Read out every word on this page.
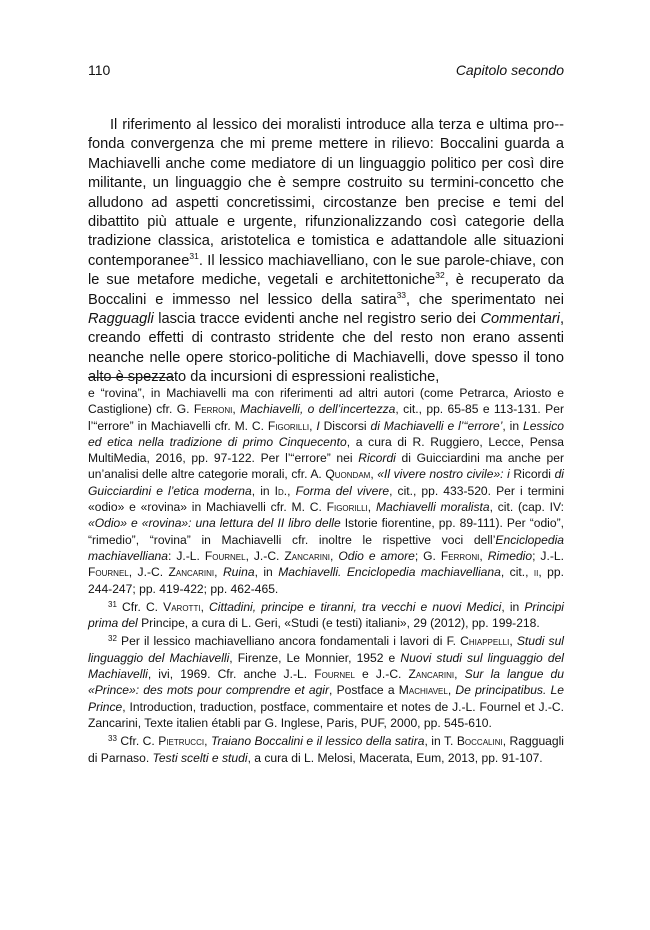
110	Capitolo secondo

Il riferimento al lessico dei moralisti introduce alla terza e ultima pro-fonda convergenza che mi preme mettere in rilievo: Boccalini guarda a Machiavelli anche come mediatore di un linguaggio politico per così dire militante, un linguaggio che è sempre costruito su termini-concetto che alludono ad aspetti concretissimi, circostanze ben precise e temi del dibattito più attuale e urgente, rifunzionalizzando così categorie della tradizione classica, aristotelica e tomistica e adattandole alle situazioni contemporanee$^{31}$. Il lessico machiavelliano, con le sue parole-chiave, con le sue metafore mediche, vegetali e architettoniche$^{32}$, è recuperato da Boccalini e immesso nel lessico della satira$^{33}$, che sperimentato nei Ragguagli lascia tracce evidenti anche nel registro serio dei Commentari, creando effetti di contrasto stridente che del resto non erano assenti neanche nelle opere storico-politiche di Machiavelli, dove spesso il tono alto è spezzato da incursioni di espressioni realistiche,

e “rovina”, in Machiavelli ma con riferimenti ad altri autori (come Petrarca, Ariosto e Castiglione) cfr. G. Ferroni, Machiavelli, o dell’incertezza, cit., pp. 65-85 e 113-131. Per l’“errore” in Machiavelli cfr. M. C. Figorilli, I Discorsi di Machiavelli e l’“errore’, in Lessico ed etica nella tradizione di primo Cinquecento, a cura di R. Ruggiero, Lecce, Pensa MultiMedia, 2016, pp. 97-122. Per l’“errore” nei Ricordi di Guicciardini ma anche per un’analisi delle altre categorie morali, cfr. A. Quondam, «Il vivere nostro civile»: i Ricordi di Guicciardini e l’etica moderna, in Id., Forma del vivere, cit., pp. 433-520. Per i termini «odio» e «rovina» in Machiavelli cfr. M. C. Figorilli, Machiavelli moralista, cit. (cap. IV: «Odio» e «rovina»: una lettura del II libro delle Istorie fiorentine, pp. 89-111). Per “odio”, “rimedio”, “rovina” in Machiavelli cfr. inoltre le rispettive voci dell’Enciclopedia machiavelliana: J.-L. Fournel, J.-C. Zancarini, Odio e amore; G. Ferroni, Rimedio; J.-L. Fournel, J.-C. Zancarini, Ruina, in Machiavelli. Enciclopedia machiavelliana, cit., ii, pp. 244-247; pp. 419-422; pp. 462-465.

$^{31}$ Cfr. C. Varotti, Cittadini, principe e tiranni, tra vecchi e nuovi Medici, in Principi prima del Principe, a cura di L. Geri, «Studi (e testi) italiani», 29 (2012), pp. 199-218.

$^{32}$ Per il lessico machiavelliano ancora fondamentali i lavori di F. Chiappelli, Studi sul linguaggio del Machiavelli, Firenze, Le Monnier, 1952 e Nuovi studi sul linguaggio del Machiavelli, ivi, 1969. Cfr. anche J.-L. Fournel e J.-C. Zancarini, Sur la langue du «Prince»: des mots pour comprendre et agir, Postface a Machiavel, De principatibus. Le Prince, Introduction, traduction, postface, commentaire et notes de J.-L. Fournel et J.-C. Zancarini, Texte italien établi par G. Inglese, Paris, PUF, 2000, pp. 545-610.

$^{33}$ Cfr. C. Pietrucci, Traiano Boccalini e il lessico della satira, in T. Boccalini, Ragguagli di Parnaso. Testi scelti e studi, a cura di L. Melosi, Macerata, Eum, 2013, pp. 91-107.
